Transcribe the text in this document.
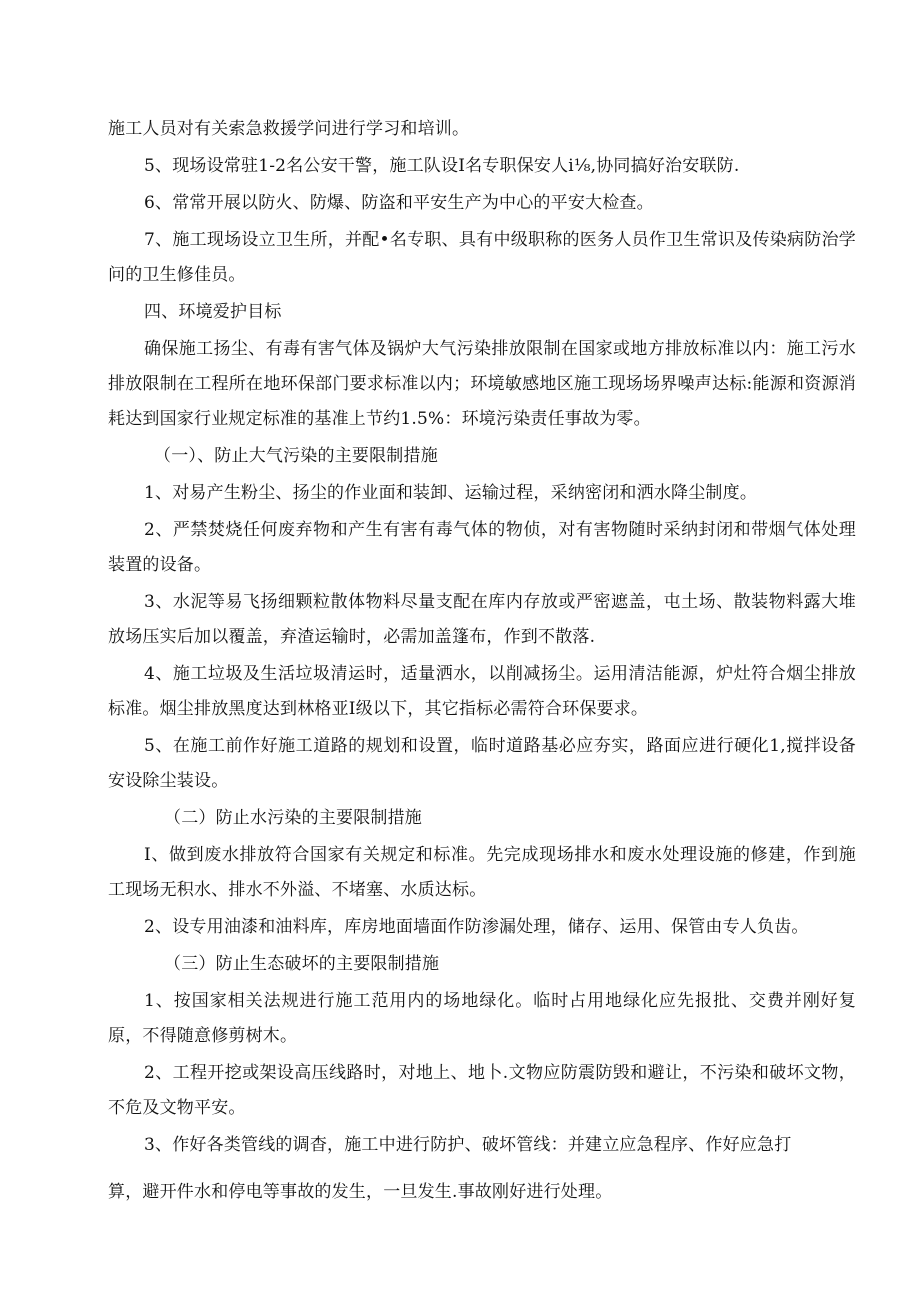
施工人员对有关索急救援学问进行学习和培训。

5、现场设常驻1-2名公安干警，施工队设I名专职保安人i⅛,协同搞好治安联防.

6、常常开展以防火、防爆、防盗和平安生产为中心的平安大检查。

7、施工现场设立卫生所，并配•名专职、具有中级职称的医务人员作卫生常识及传染病防治学问的卫生修佳员。

四、环境爱护目标

确保施工扬尘、有毒有害气体及锅炉大气污染排放限制在国家或地方排放标准以内：施工污水排放限制在工程所在地环保部门要求标准以内；环境敏感地区施工现场场界噪声达标:能源和资源消耗达到国家行业规定标准的基准上节约1.5%：环境污染责任事故为零。

（一）、防止大气污染的主要限制措施

1、对易产生粉尘、扬尘的作业面和装卸、运输过程，采纳密闭和洒水降尘制度。

2、严禁焚烧任何废弃物和产生有害有毒气体的物侦，对有害物随时采纳封闭和带烟气体处理装置的设备。

3、水泥等易飞扬细颗粒散体物料尽量支配在库内存放或严密遮盖，屯土场、散装物料露大堆放场压实后加以覆盖，弃渣运输时，必需加盖篷布，作到不散落.

4、施工垃圾及生活垃圾清运时，适量洒水，以削减扬尘。运用清洁能源，炉灶符合烟尘排放标准。烟尘排放黑度达到林格亚I级以下，其它指标必需符合环保要求。

5、在施工前作好施工道路的规划和设置，临时道路基必应夯实，路面应进行硬化1,搅拌设备安设除尘装设。

（二）防止水污染的主要限制措施

I、做到废水排放符合国家有关规定和标准。先完成现场排水和废水处理设施的修建，作到施工现场无积水、排水不外溢、不堵塞、水质达标。

2、设专用油漆和油料库，库房地面墙面作防渗漏处理，储存、运用、保管由专人负齿。

（三）防止生态破坏的主要限制措施

1、按国家相关法规进行施工范用内的场地绿化。临时占用地绿化应先报批、交费并刚好复原，不得随意修剪树木。

2、工程开挖或架设高压线路时，对地上、地卜.文物应防震防毁和避让，不污染和破坏文物，不危及文物平安。

3、作好各类管线的调杳，施工中进行防护、破坏管线：并建立应急程序、作好应急打

算，避开件水和停电等事故的发生，一旦发生.事故刚好进行处理。
